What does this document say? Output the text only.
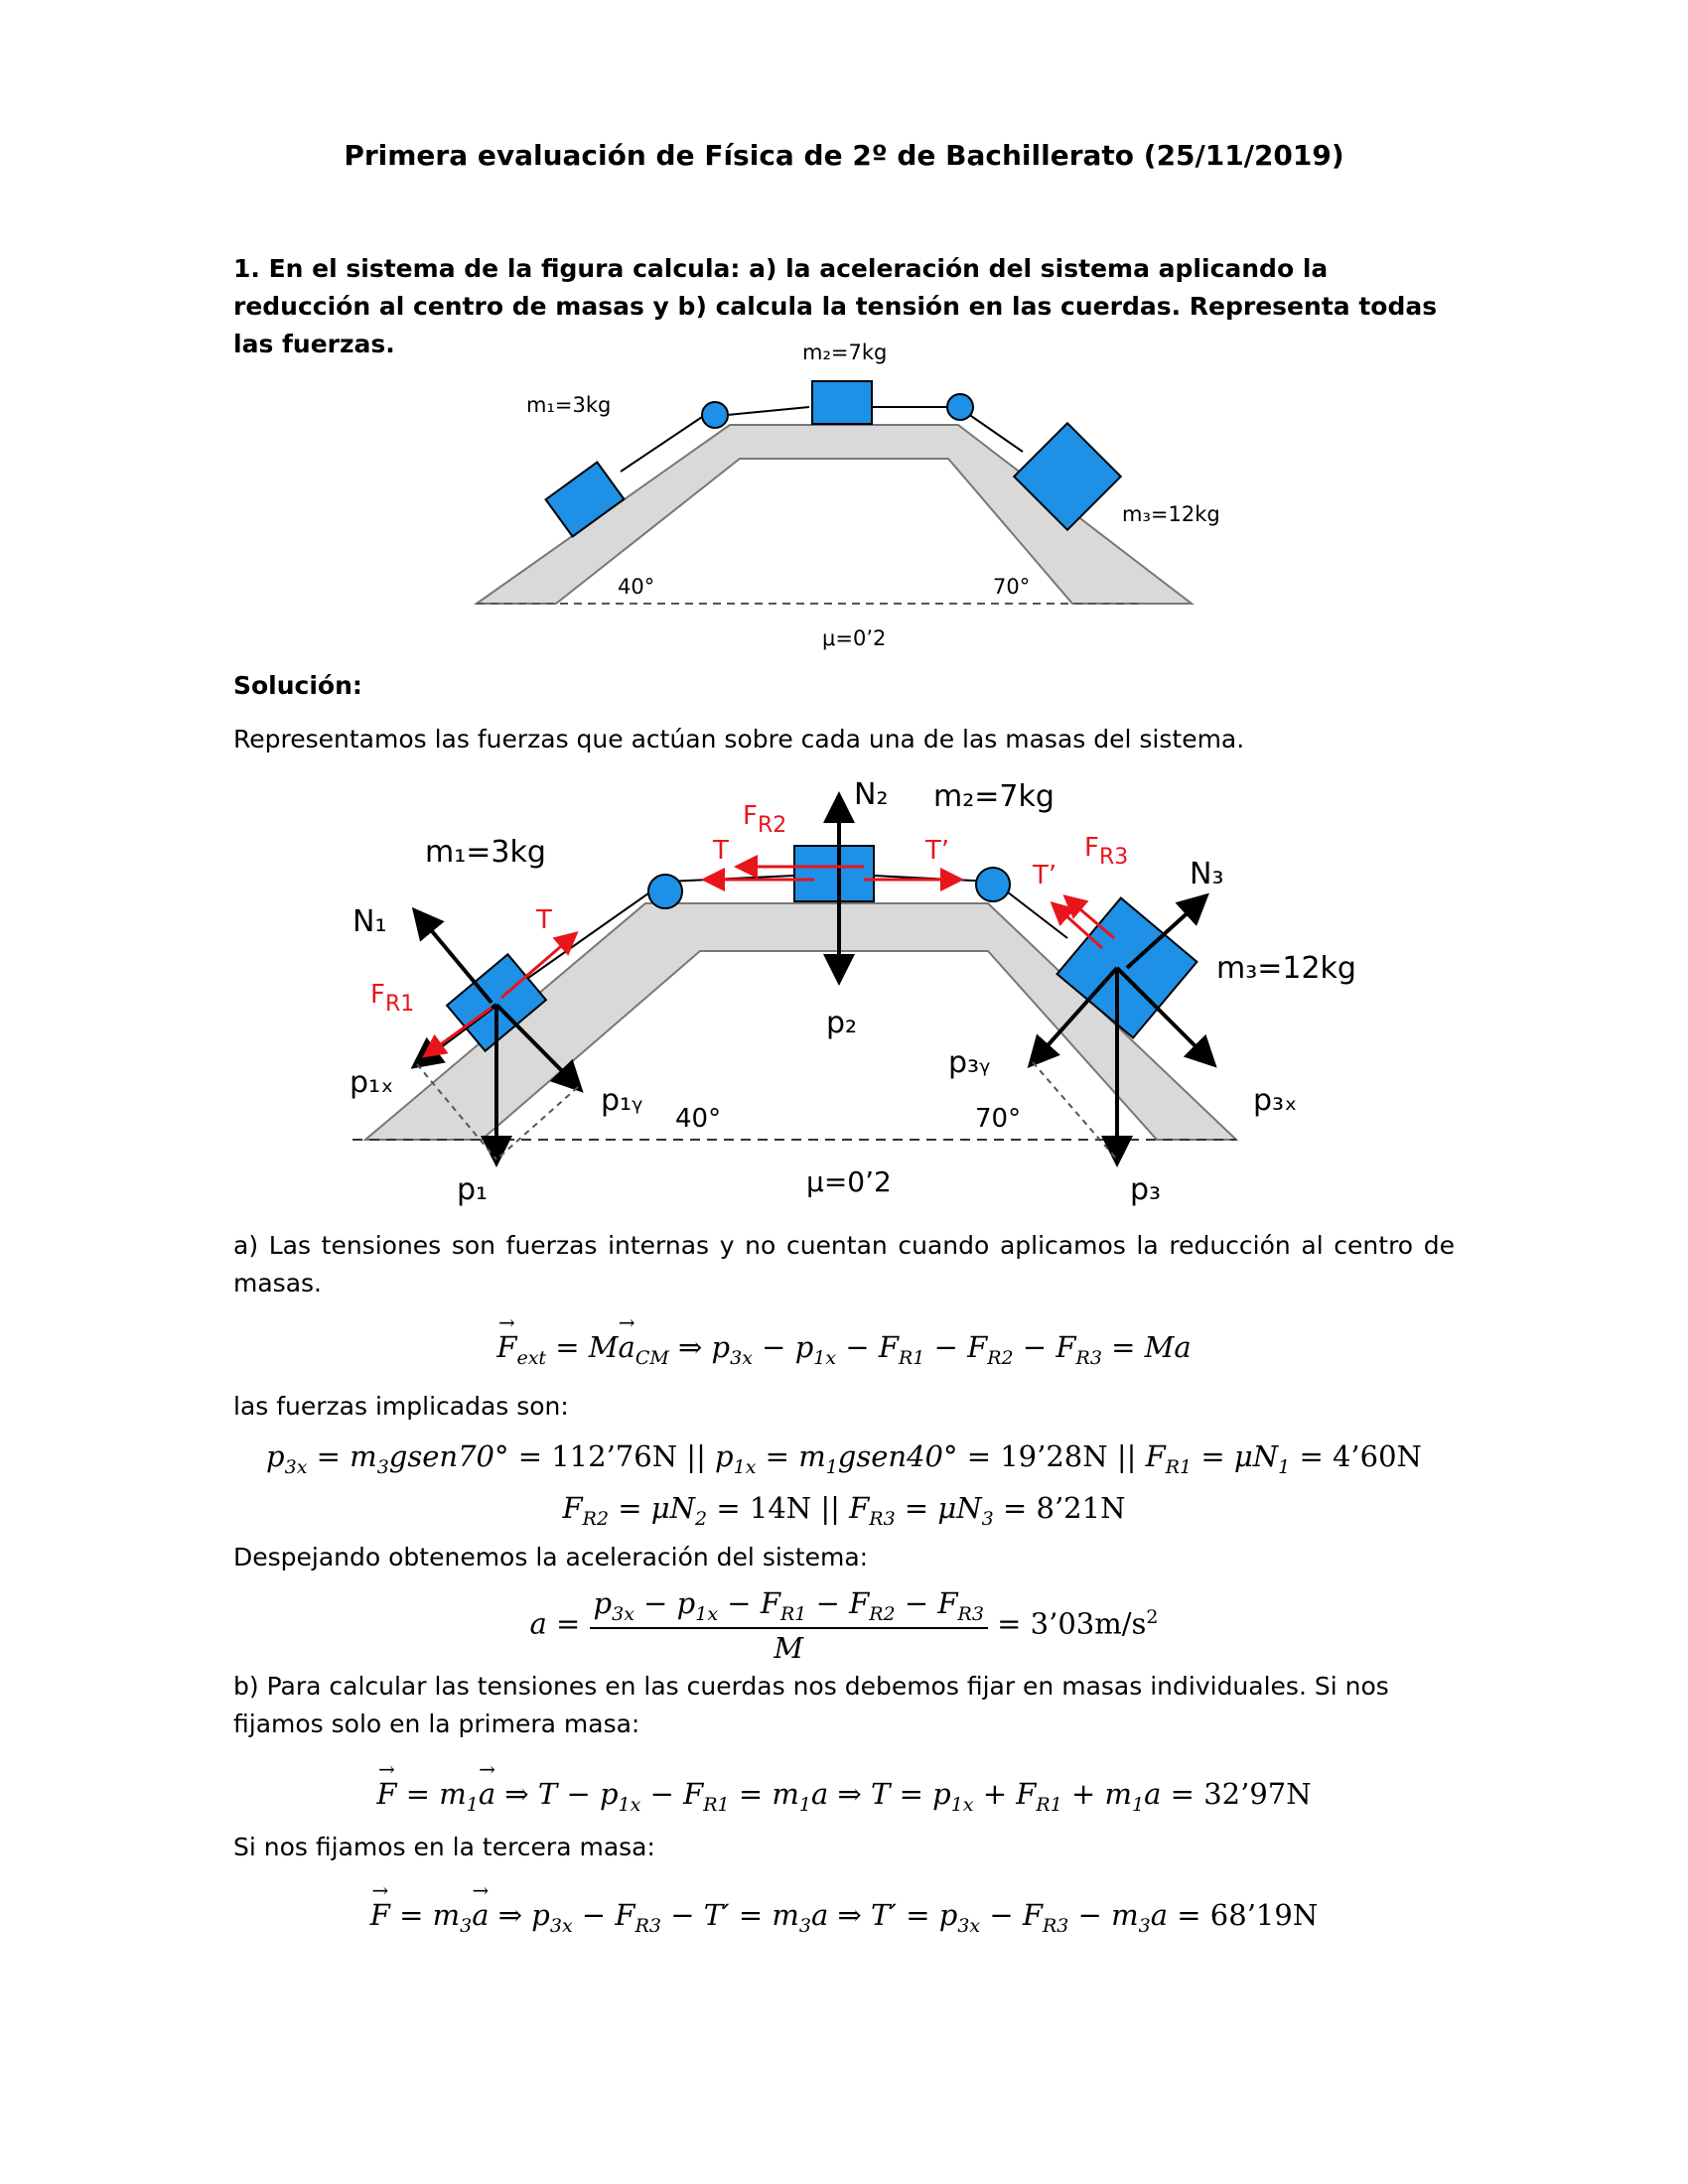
Primera evaluación de Física de 2º de Bachillerato (25/11/2019)
1. En el sistema de la figura calcula: a) la aceleración del sistema aplicando la reducción al centro de masas y b) calcula la tensión en las cuerdas. Representa todas las fuerzas.
m₁=3kg
m₂=7kg
m₃=12kg
40°	70°
μ=0’2
Solución:
Representamos las fuerzas que actúan sobre cada una de las masas del sistema.
N₂ m₂=7kg
$F_{R2}$
T	T’
T’
$F_{R3}$ N₃
m₁=3kg
N₁	T
$F_{R1}$
m₃=12kg
p₂
p₁ₓ
p₁ᵧ
40°	70°
p₃ᵧ
p₃ₓ
p₁	μ=0’2	p₃
a) Las tensiones son fuerzas internas y no cuentan cuando aplicamos la reducción al centro de masas.
→ $F_{ext} = M\to a_{CM}$ ⇒ $p_{3x} - p_{1x} - F_{R1} - F_{R2} - F_{R3} = Ma$
las fuerzas implicadas son:
$p_{3x}$ = $m_3gsen70^\circ$ = 112’76N || $p_{1x}$ = $m_1gsen40^\circ$ = 19’28N || $F_{R1} = \mu N_1$ = 4’60N
$F_{R2} = \mu N_2 = 14N$ || $F_{R3} = \mu N_3$ = 8’21N
Despejando obtenemos la aceleración del sistema:
$a = \frac{p_{3x} - p_{1x} - F_{R1} - F_{R2} - F_{R3}}{M}$ = $3’03m/s^2$
b) Para calcular las tensiones en las cuerdas nos debemos fijar en masas individuales. Si nos fijamos solo en la primera masa:
→ $F = m_1\to a$ ⇒ $T - p_{1x} - F_{R1} = m_1a$ ⇒ $T = p_{1x} + F_{R1} + m_1a$ = 32’97N
Si nos fijamos en la tercera masa:
→ $F = m_3\to a$ ⇒ $p_{3x} - F_{R3} - T' = m_3a$ ⇒ $T' = p_{3x} - F_{R3} - m_3a$ = 68’19N
